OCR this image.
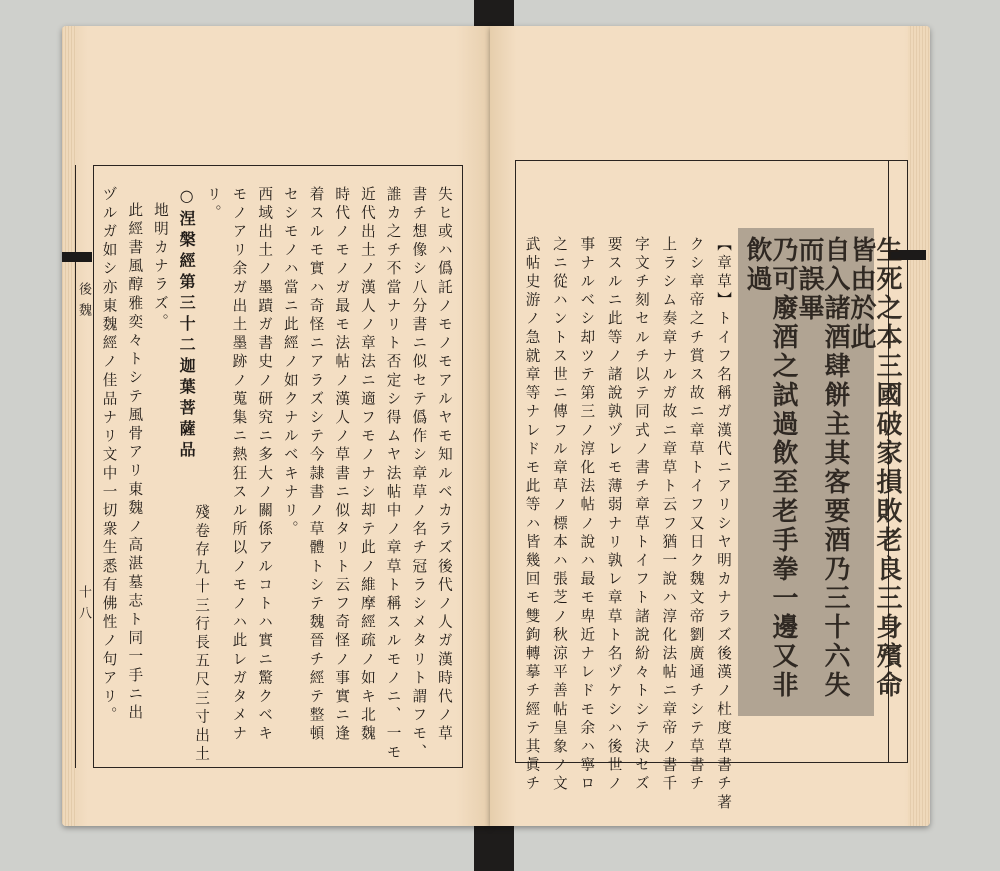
後魏
十八	失ヒ或ハ僞託ノモノモアルヤモ知ルベカラズ後代ノ人ガ漢時代ノ草
書チ想像シ八分書ニ似セテ僞作シ章草ノ名チ冠ラシメタリト謂フモ、
誰カ之チ不當ナリト否定シ得ムヤ法帖中ノ章草ト稱スルモノニ、一モ
近代出土ノ漢人ノ章法ニ適フモノナシ却テ此ノ維摩經疏ノ如キ北魏
時代ノモノガ最モ法帖ノ漢人ノ草書ニ似タリト云フ奇怪ノ事實ニ逢
着スルモ實ハ奇怪ニアラズシテ今隷書ノ草體トシテ魏晉チ經テ整頓
セシモノハ當ニ此經ノ如クナルベキナリ。
西域出土ノ墨蹟ガ書史ノ研究ニ多大ノ關係アルコトハ實ニ驚クベキ
モノアリ余ガ出土墨跡ノ蒐集ニ熱狂スル所以ノモノハ此レガタメナ
リ。
○涅槃經第三十二迦葉菩薩品
殘卷存九十三行長五尺三寸出土
地明カナラズ。
此經書風醇雅奕々トシテ風骨アリ東魏ノ高湛墓志ト同一手ニ出
ヅルガ如シ亦東魏經ノ佳品ナリ文中一切衆生悉有佛性ノ句アリ。	生死之本三國破家損敗老良三身殯命皆由於此
自入諸酒肆餅主其客要酒乃三十六失而誤畢
乃可廢酒之試過飲至老手拳一邊又非飲過
【章草】トイフ名稱ガ漢代ニアリシヤ明カナラズ後漢ノ杜度草書チ著
クシ章帝之チ賞ス故ニ章草トイフ又日ク魏文帝劉廣通チシテ草書チ
上ラシム奏章ナルガ故ニ章草ト云フ猶一說ハ淳化法帖ニ章帝ノ書千
字文チ刻セルチ以テ同式ノ書チ章草トイフト諸說紛々トシテ決セズ
要スルニ此等ノ諸說孰ヅレモ薄弱ナリ孰レ章草ト名ヅケシハ後世ノ
事ナルベシ却ツテ第三ノ淳化法帖ノ說ハ最モ卑近ナレドモ余ハ寧ロ
之ニ從ハントス世ニ傳フル章草ノ標本ハ張芝ノ秋涼平善帖皇象ノ文
武帖史游ノ急就章等ナレドモ此等ハ皆幾回モ雙鉤轉摹チ經テ其眞チ
